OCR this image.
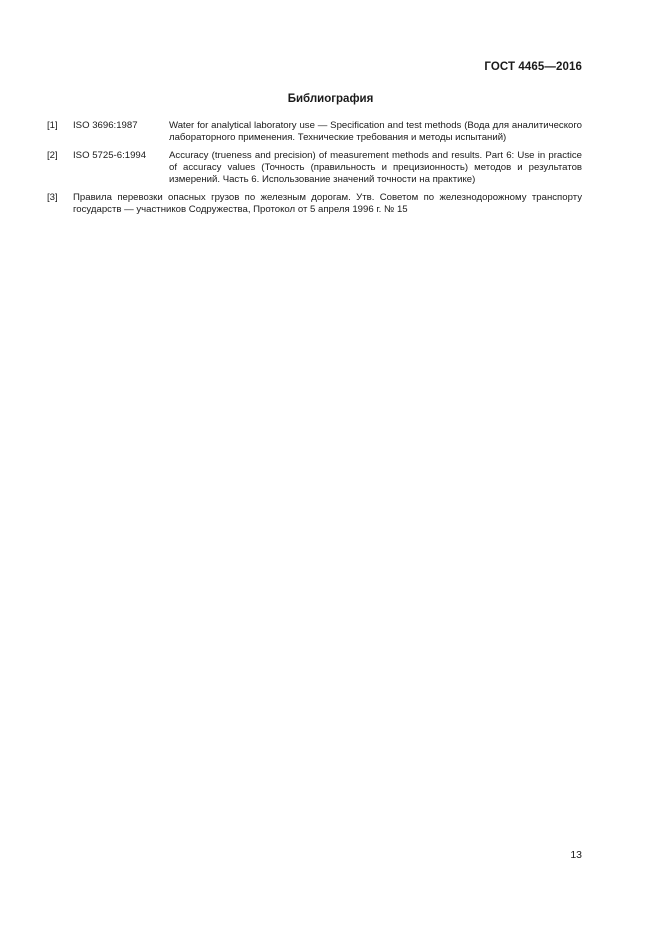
ГОСТ 4465—2016
Библиография
[1]	ISO 3696:1987	Water for analytical laboratory use — Specification and test methods (Вода для аналитического лабораторного применения. Технические требования и методы испытаний)
[2]	ISO 5725-6:1994	Accuracy (trueness and precision) of measurement methods and results. Part 6: Use in practice of accuracy values (Точность (правильность и прецизионность) методов и результатов измерений. Часть 6. Использование значений точности на практике)
[3]	Правила перевозки опасных грузов по железным дорогам. Утв. Советом по железнодорожному транспорту государств — участников Содружества, Протокол от 5 апреля 1996 г. № 15
13
